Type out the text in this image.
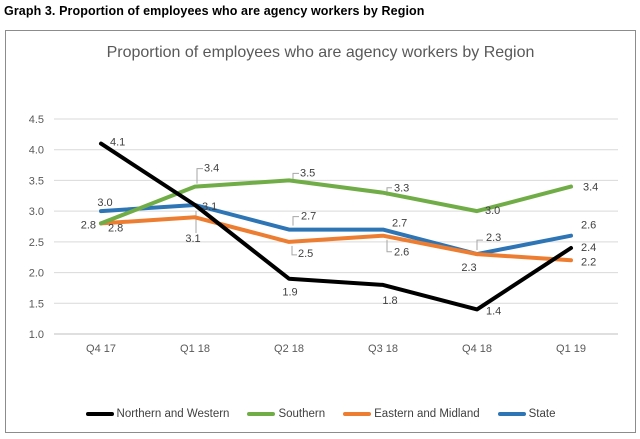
Graph 3. Proportion of employees who are agency workers by Region
1.0
1.5
2.0
2.5
3.0
3.5
4.0
4.5
Q4 17	Q1 18	Q2 18	Q3 18	Q4 18	Q1 19
4.1
3.1
1.9
1.8
1.4
2.4
2.8
3.4	3.5
3.3
3.0
3.4
2.8
2.5	2.6
2.3	2.2
3.0	3.1
2.7
2.7
2.3
2.6
Proportion of employees who are agency workers by Region
Northern and Western	Southern	Eastern and Midland	State
